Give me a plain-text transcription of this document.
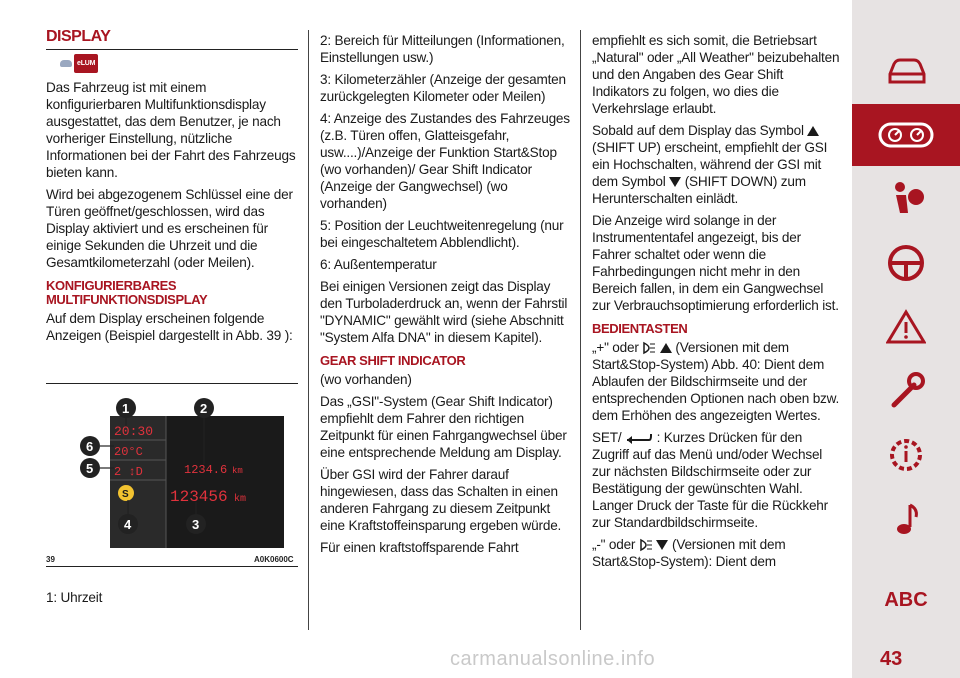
DISPLAY
eLUM

Das Fahrzeug ist mit einem konfigurierbaren Multifunktionsdisplay ausgestattet, das dem Benutzer, je nach vorheriger Einstellung, nützliche Informationen bei der Fahrt des Fahrzeugs bieten kann.

Wird bei abgezogenem Schlüssel eine der Türen geöffnet/geschlossen, wird das Display aktiviert und es erscheinen für einige Sekunden die Uhrzeit und die Gesamtkilometerzahl (oder Meilen).

KONFIGURIERBARES MULTIFUNKTIONSDISPLAY

Auf dem Display erscheinen folgende Anzeigen (Beispiel dargestellt in Abb. 39 ):

20:30
20°C
2 ↕D
S
1234.6 km
123456 km
1	2
3
4
5
6
39	A0K0600C
1: Uhrzeit

2: Bereich für Mitteilungen (Informationen, Einstellungen usw.)

3: Kilometerzähler (Anzeige der gesamten zurückgelegten Kilometer oder Meilen)

4: Anzeige des Zustandes des Fahrzeuges (z.B. Türen offen, Glatteisgefahr, usw....)/Anzeige der Funktion Start&Stop (wo vorhanden)/ Gear Shift Indicator (Anzeige der Gangwechsel) (wo vorhanden)

5: Position der Leuchtweitenregelung (nur bei eingeschaltetem Abblendlicht).

6: Außentemperatur

Bei einigen Versionen zeigt das Display den Turboladerdruck an, wenn der Fahrstil "DYNAMIC" gewählt wird (siehe Abschnitt "System Alfa DNA" in diesem Kapitel).

GEAR SHIFT INDICATOR

(wo vorhanden)

Das „GSI"-System (Gear Shift Indicator) empfiehlt dem Fahrer den richtigen Zeitpunkt für einen Fahrgangwechsel über eine entsprechende Meldung am Display.

Über GSI wird der Fahrer darauf hingewiesen, dass das Schalten in einen anderen Fahrgang zu diesem Zeitpunkt eine Kraftstoffeinsparung ergeben würde.

Für einen kraftstoffsparende Fahrt

empfiehlt es sich somit, die Betriebsart „Natural" oder „All Weather" beizubehalten und den Angaben des Gear Shift Indikators zu folgen, wo dies die Verkehrslage erlaubt.

Sobald auf dem Display das Symbol  (SHIFT UP) erscheint, empfiehlt der GSI ein Hochschalten, während der GSI mit dem Symbol (SHIFT DOWN) zum Herunterschalten einlädt.

Die Anzeige wird solange in der Instrumententafel angezeigt, bis der Fahrer schaltet oder wenn die Fahrbedingungen nicht mehr in den Bereich fallen, in dem ein Gangwechsel zur Verbrauchsoptimierung erforderlich ist.

BEDIENTASTEN

„+" oder	(Versionen mit dem Start&Stop-System) Abb. 40: Dient dem Ablaufen der Bildschirmseite und der entsprechenden Optionen nach oben bzw. dem Erhöhen des angezeigten Wertes.

SET/	: Kurzes Drücken für den Zugriff auf das Menü und/oder Wechsel zur nächsten Bildschirmseite oder zur Bestätigung der gewünschten Wahl. Langer Druck der Taste für die Rückkehr zur Standardbildschirmseite.

„-" oder	(Versionen mit dem Start&Stop-System): Dient dem

ABC
carmanualsonline.info	43
